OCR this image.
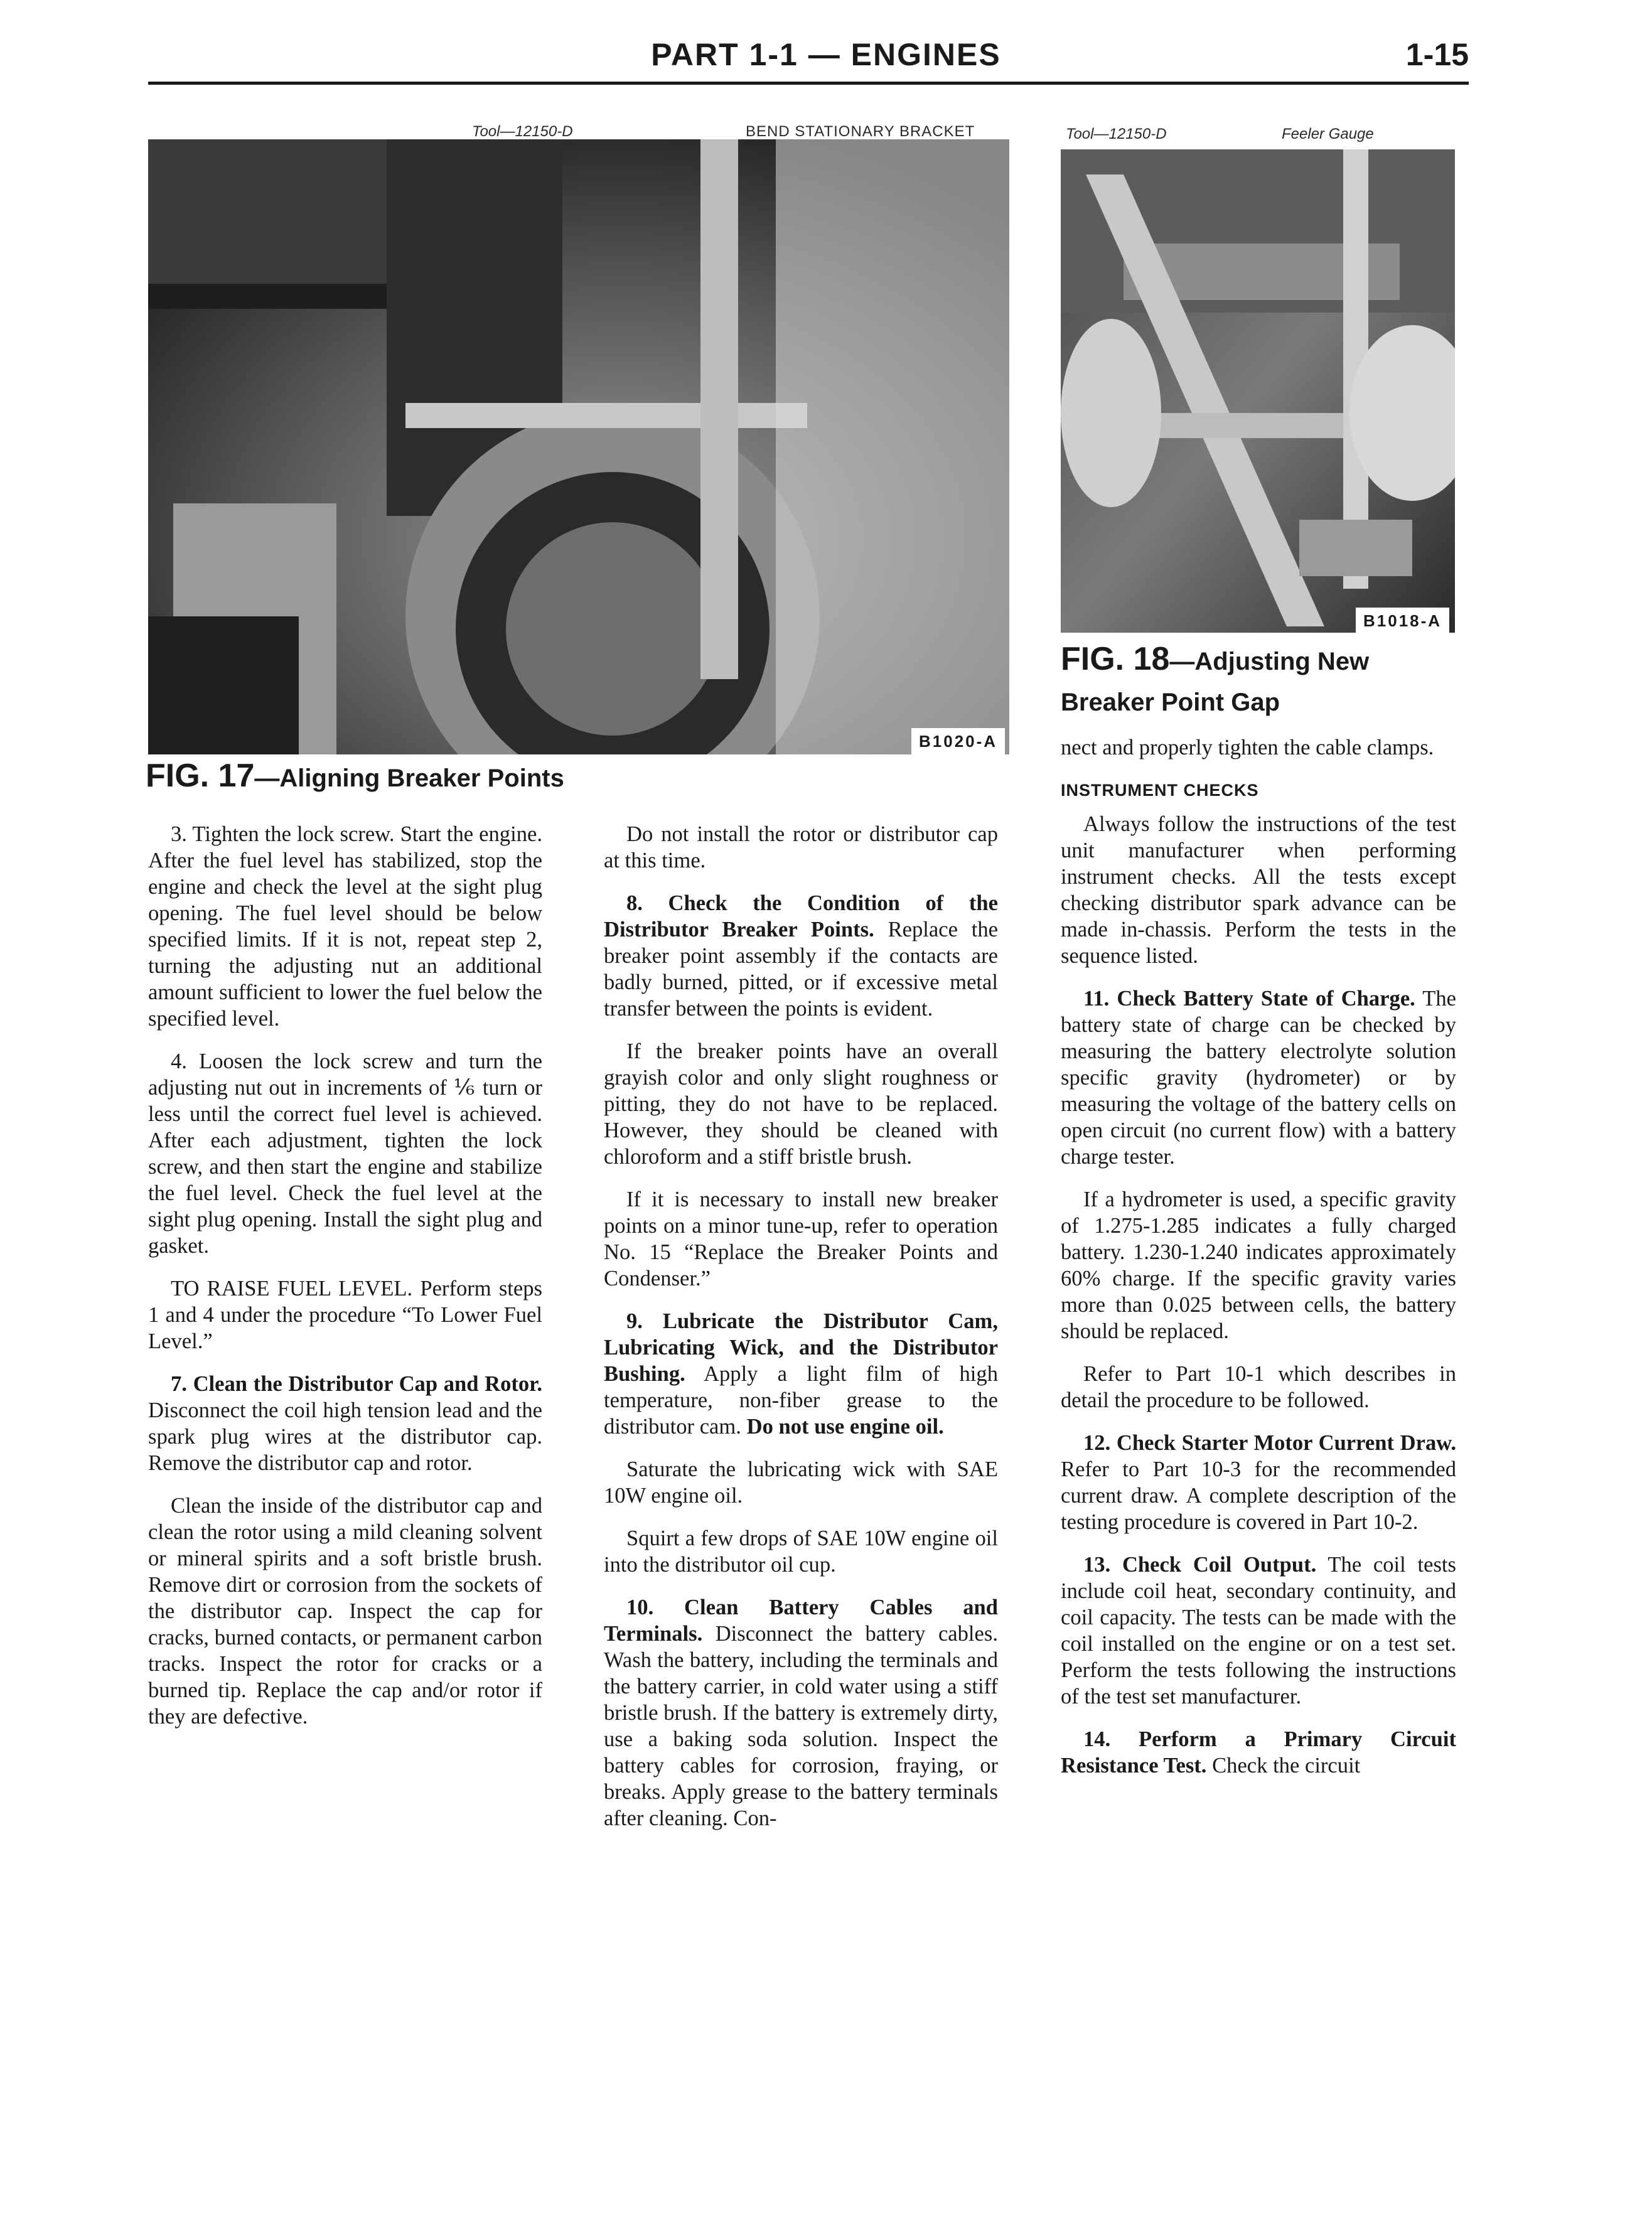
PART 1-1 — ENGINES	1-15
Tool—12150-D	BEND STATIONARY BRACKET
B1020-A
FIG. 17—Aligning Breaker Points
Tool—12150-D	Feeler Gauge
B1018-A
FIG. 18—Adjusting New Breaker Point Gap

3. Tighten the lock screw. Start the engine. After the fuel level has stabilized, stop the engine and check the level at the sight plug opening. The fuel level should be below specified limits. If it is not, repeat step 2, turning the adjusting nut an additional amount sufficient to lower the fuel below the specified level.

4. Loosen the lock screw and turn the adjusting nut out in increments of ⅙ turn or less until the correct fuel level is achieved. After each adjustment, tighten the lock screw, and then start the engine and stabilize the fuel level. Check the fuel level at the sight plug opening. Install the sight plug and gasket.

TO RAISE FUEL LEVEL. Perform steps 1 and 4 under the procedure “To Lower Fuel Level.”

7. Clean the Distributor Cap and Rotor. Disconnect the coil high tension lead and the spark plug wires at the distributor cap. Remove the distributor cap and rotor.

Clean the inside of the distributor cap and clean the rotor using a mild cleaning solvent or mineral spirits and a soft bristle brush. Remove dirt or corrosion from the sockets of the distributor cap. Inspect the cap for cracks, burned contacts, or permanent carbon tracks. Inspect the rotor for cracks or a burned tip. Replace the cap and/or rotor if they are defective.

Do not install the rotor or distributor cap at this time.

8. Check the Condition of the Distributor Breaker Points. Replace the breaker point assembly if the contacts are badly burned, pitted, or if excessive metal transfer between the points is evident.

If the breaker points have an overall grayish color and only slight roughness or pitting, they do not have to be replaced. However, they should be cleaned with chloroform and a stiff bristle brush.

If it is necessary to install new breaker points on a minor tune-up, refer to operation No. 15 “Replace the Breaker Points and Condenser.”

9. Lubricate the Distributor Cam, Lubricating Wick, and the Distributor Bushing. Apply a light film of high temperature, non-fiber grease to the distributor cam. Do not use engine oil.

Saturate the lubricating wick with SAE 10W engine oil.

Squirt a few drops of SAE 10W engine oil into the distributor oil cup.

10. Clean Battery Cables and Terminals. Disconnect the battery cables. Wash the battery, including the terminals and the battery carrier, in cold water using a stiff bristle brush. If the battery is extremely dirty, use a baking soda solution. Inspect the battery cables for corrosion, fraying, or breaks. Apply grease to the battery terminals after cleaning. Con-

nect and properly tighten the cable clamps.

INSTRUMENT CHECKS

Always follow the instructions of the test unit manufacturer when performing instrument checks. All the tests except checking distributor spark advance can be made in-chassis. Perform the tests in the sequence listed.

11. Check Battery State of Charge. The battery state of charge can be checked by measuring the battery electrolyte solution specific gravity (hydrometer) or by measuring the voltage of the battery cells on open circuit (no current flow) with a battery charge tester.

If a hydrometer is used, a specific gravity of 1.275-1.285 indicates a fully charged battery. 1.230-1.240 indicates approximately 60% charge. If the specific gravity varies more than 0.025 between cells, the battery should be replaced.

Refer to Part 10-1 which describes in detail the procedure to be followed.

12. Check Starter Motor Current Draw. Refer to Part 10-3 for the recommended current draw. A complete description of the testing procedure is covered in Part 10-2.

13. Check Coil Output. The coil tests include coil heat, secondary continuity, and coil capacity. The tests can be made with the coil installed on the engine or on a test set. Perform the tests following the instructions of the test set manufacturer.

14. Perform a Primary Circuit Resistance Test. Check the circuit
